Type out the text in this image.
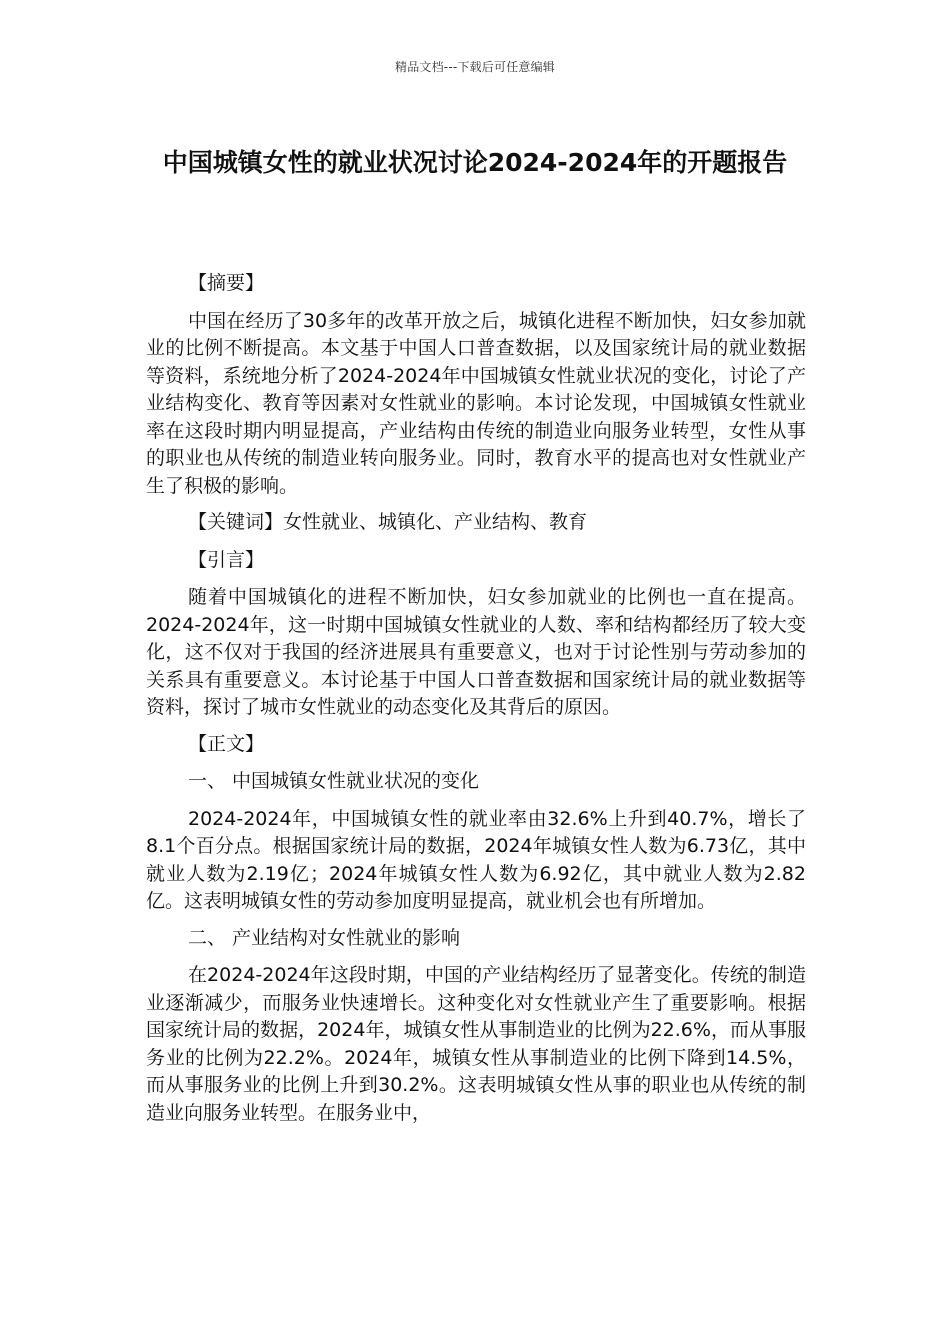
精品文档---下载后可任意编辑
中国城镇女性的就业状况讨论2024-2024年的开题报告

【摘要】

中国在经历了30多年的改革开放之后，城镇化进程不断加快，妇女参加就业的比例不断提高。本文基于中国人口普查数据，以及国家统计局的就业数据等资料，系统地分析了2024-2024年中国城镇女性就业状况的变化，讨论了产业结构变化、教育等因素对女性就业的影响。本讨论发现，中国城镇女性就业率在这段时期内明显提高，产业结构由传统的制造业向服务业转型，女性从事的职业也从传统的制造业转向服务业。同时，教育水平的提高也对女性就业产生了积极的影响。

【关键词】女性就业、城镇化、产业结构、教育

【引言】

随着中国城镇化的进程不断加快，妇女参加就业的比例也一直在提高。2024-2024年，这一时期中国城镇女性就业的人数、率和结构都经历了较大变化，这不仅对于我国的经济进展具有重要意义，也对于讨论性别与劳动参加的关系具有重要意义。本讨论基于中国人口普查数据和国家统计局的就业数据等资料，探讨了城市女性就业的动态变化及其背后的原因。

【正文】

一、 中国城镇女性就业状况的变化

2024-2024年，中国城镇女性的就业率由32.6%上升到40.7%，增长了8.1个百分点。根据国家统计局的数据，2024年城镇女性人数为6.73亿，其中就业人数为2.19亿；2024年城镇女性人数为6.92亿，其中就业人数为2.82亿。这表明城镇女性的劳动参加度明显提高，就业机会也有所增加。

二、 产业结构对女性就业的影响

在2024-2024年这段时期，中国的产业结构经历了显著变化。传统的制造业逐渐减少，而服务业快速增长。这种变化对女性就业产生了重要影响。根据国家统计局的数据，2024年，城镇女性从事制造业的比例为22.6%，而从事服务业的比例为22.2%。2024年，城镇女性从事制造业的比例下降到14.5%，而从事服务业的比例上升到30.2%。这表明城镇女性从事的职业也从传统的制造业向服务业转型。在服务业中，
